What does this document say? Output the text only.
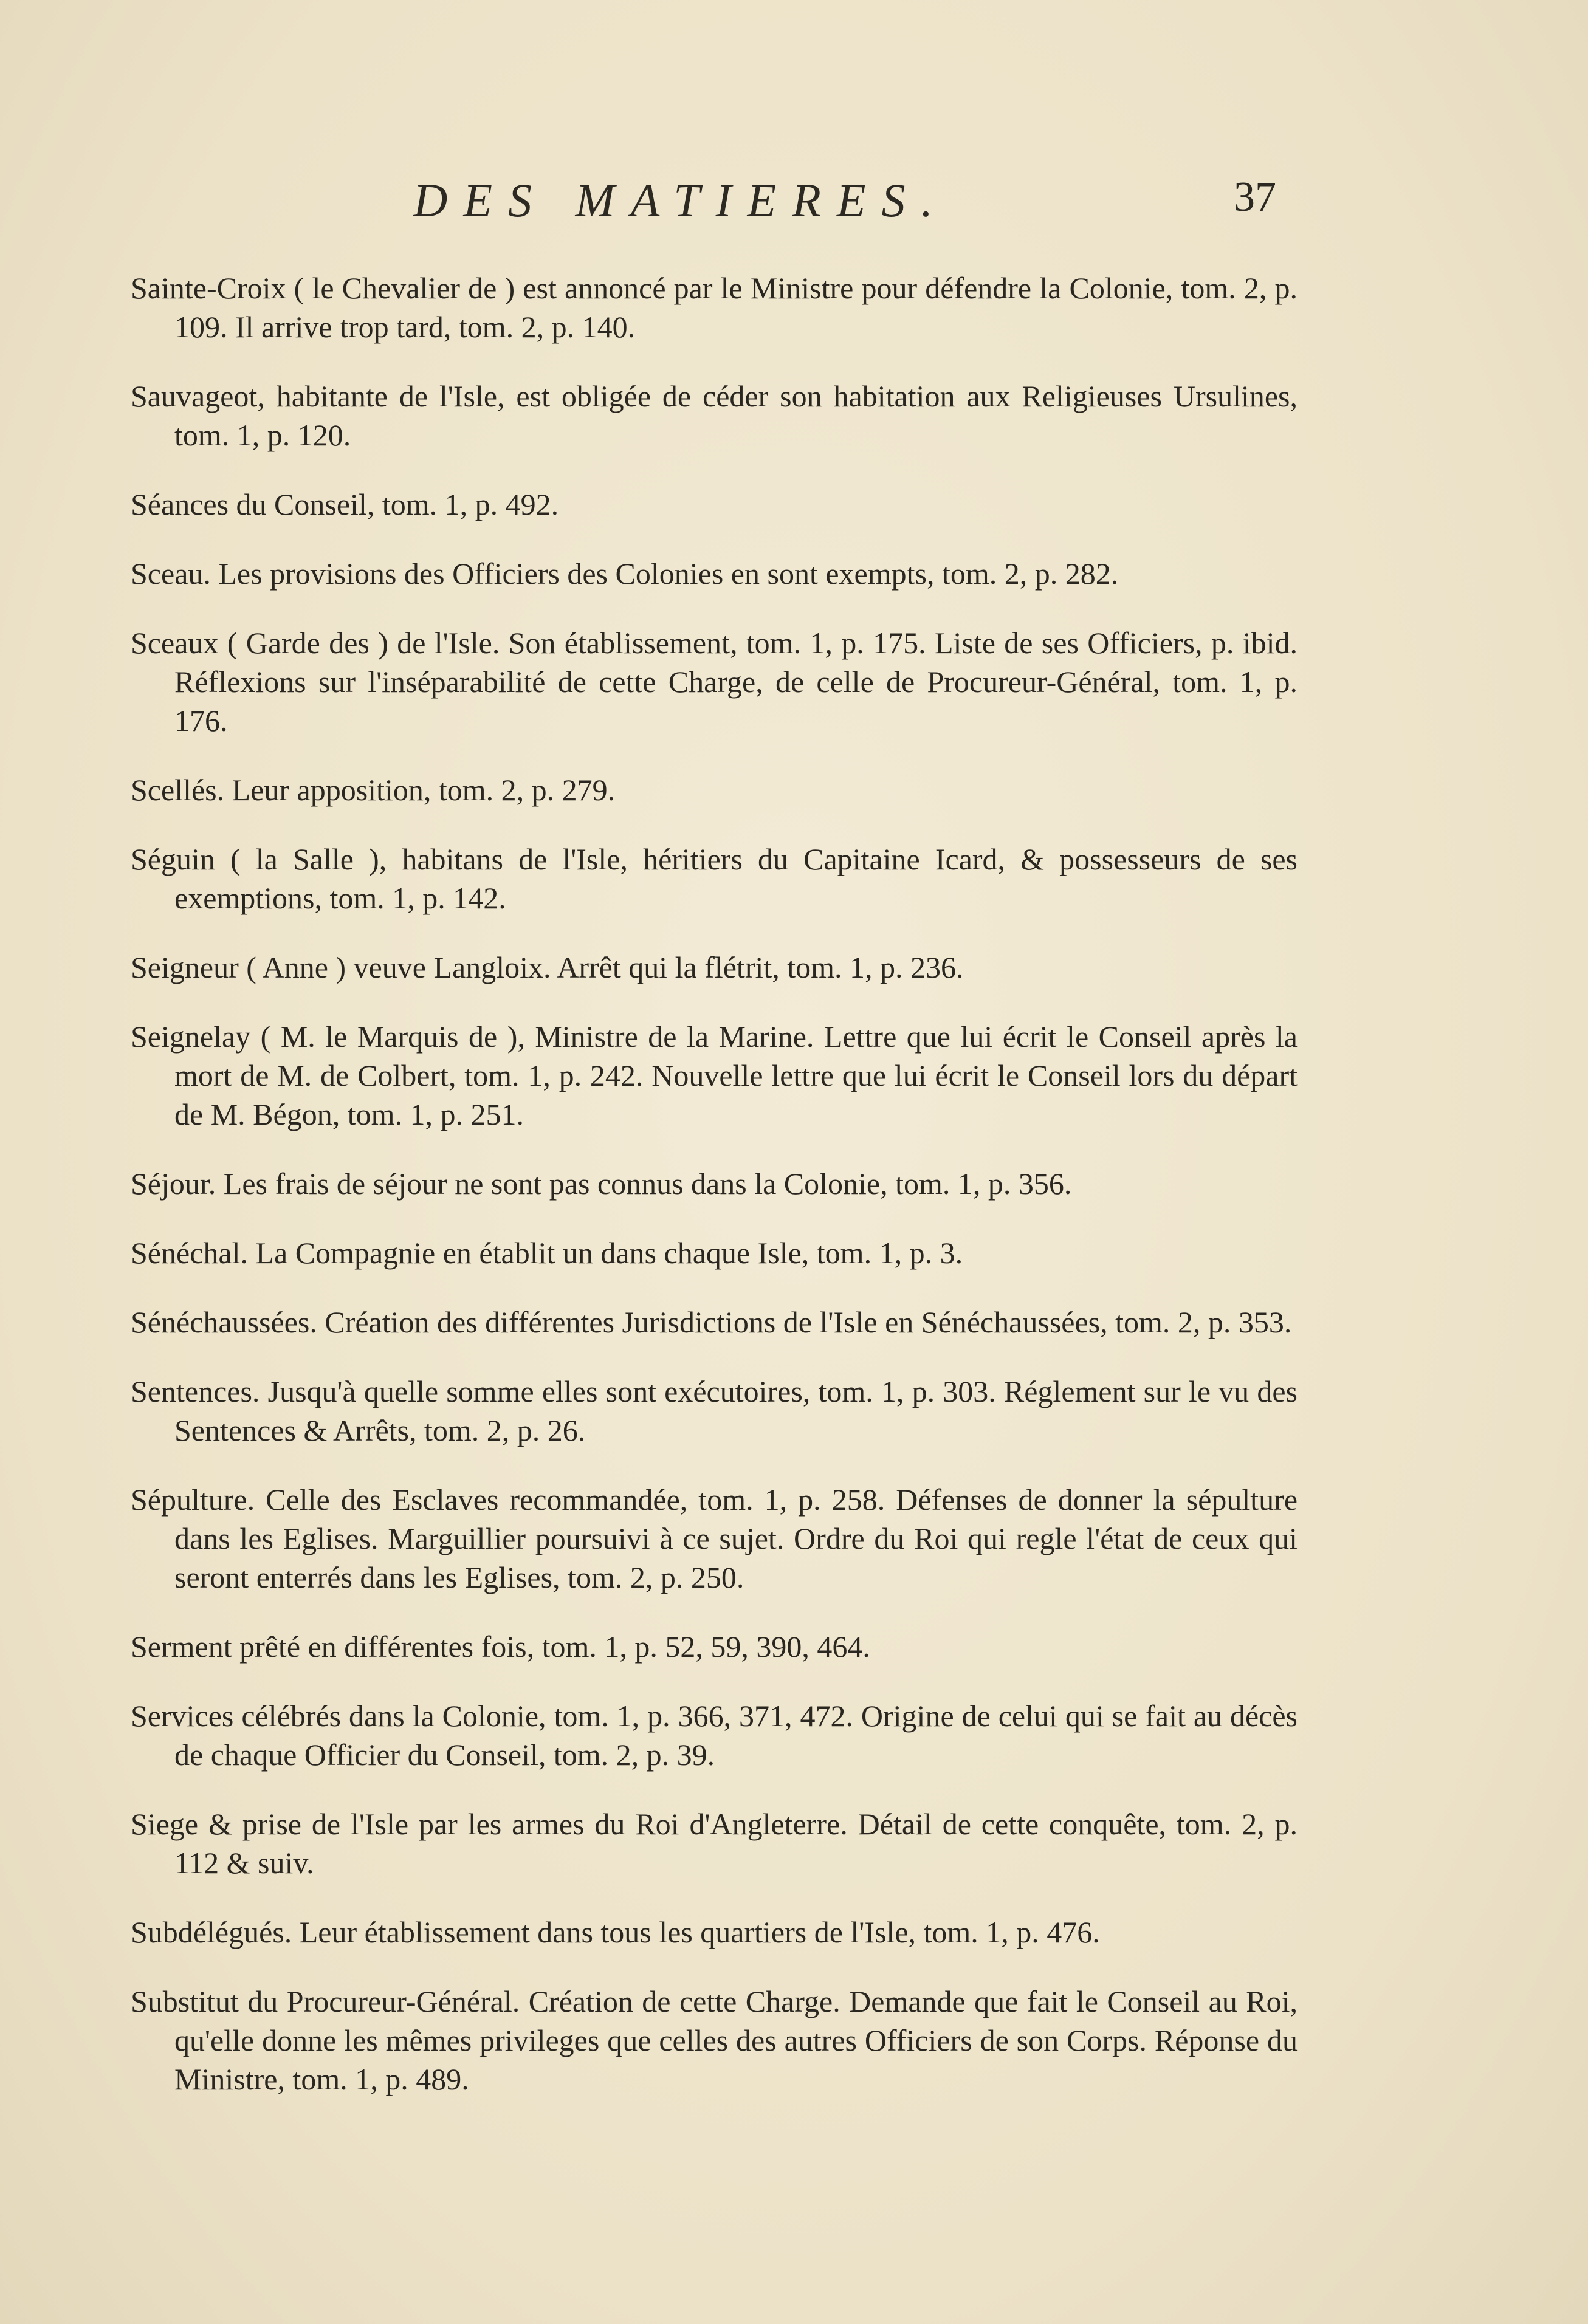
DES MATIERES.	37

Sainte-Croix ( le Chevalier de ) est annoncé par le Ministre pour défendre la Colonie, tom. 2, p. 109. Il arrive trop tard, tom. 2, p. 140.

Sauvageot, habitante de l'Isle, est obligée de céder son habitation aux Religieuses Ursulines, tom. 1, p. 120.

Séances du Conseil, tom. 1, p. 492.

Sceau. Les provisions des Officiers des Colonies en sont exempts, tom. 2, p. 282.

Sceaux ( Garde des ) de l'Isle. Son établissement, tom. 1, p. 175. Liste de ses Officiers, p. ibid. Réflexions sur l'inséparabilité de cette Charge, de celle de Procureur-Général, tom. 1, p. 176.

Scellés. Leur apposition, tom. 2, p. 279.

Séguin ( la Salle ), habitans de l'Isle, héritiers du Capitaine Icard, & possesseurs de ses exemptions, tom. 1, p. 142.

Seigneur ( Anne ) veuve Langloix. Arrêt qui la flétrit, tom. 1, p. 236.

Seignelay ( M. le Marquis de ), Ministre de la Marine. Lettre que lui écrit le Conseil après la mort de M. de Colbert, tom. 1, p. 242. Nouvelle lettre que lui écrit le Conseil lors du départ de M. Bégon, tom. 1, p. 251.

Séjour. Les frais de séjour ne sont pas connus dans la Colonie, tom. 1, p. 356.

Sénéchal. La Compagnie en établit un dans chaque Isle, tom. 1, p. 3.

Sénéchaussées. Création des différentes Jurisdictions de l'Isle en Sénéchaussées, tom. 2, p. 353.

Sentences. Jusqu'à quelle somme elles sont exécutoires, tom. 1, p. 303. Réglement sur le vu des Sentences & Arrêts, tom. 2, p. 26.

Sépulture. Celle des Esclaves recommandée, tom. 1, p. 258. Défenses de donner la sépulture dans les Eglises. Marguillier poursuivi à ce sujet. Ordre du Roi qui regle l'état de ceux qui seront enterrés dans les Eglises, tom. 2, p. 250.

Serment prêté en différentes fois, tom. 1, p. 52, 59, 390, 464.

Services célébrés dans la Colonie, tom. 1, p. 366, 371, 472. Origine de celui qui se fait au décès de chaque Officier du Conseil, tom. 2, p. 39.

Siege & prise de l'Isle par les armes du Roi d'Angleterre. Détail de cette conquête, tom. 2, p. 112 & suiv.

Subdélégués. Leur établissement dans tous les quartiers de l'Isle, tom. 1, p. 476.

Substitut du Procureur-Général. Création de cette Charge. Demande que fait le Conseil au Roi, qu'elle donne les mêmes privileges que celles des autres Officiers de son Corps. Réponse du Ministre, tom. 1, p. 489.
